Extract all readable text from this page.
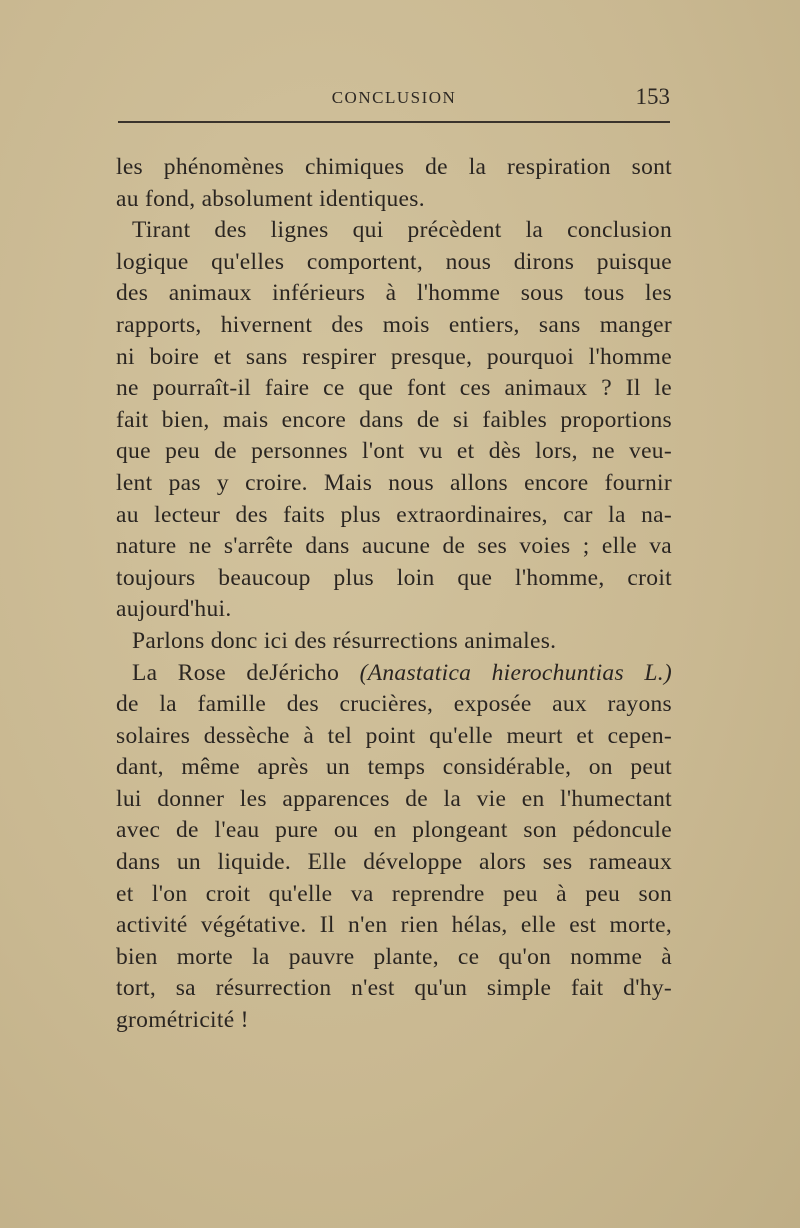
CONCLUSION	153
les phénomènes chimiques de la respiration sont
au fond, absolument identiques.
Tirant des lignes qui précèdent la conclusion
logique qu'elles comportent, nous dirons puisque
des animaux inférieurs à l'homme sous tous les
rapports, hivernent des mois entiers, sans manger
ni boire et sans respirer presque, pourquoi l'homme
ne pourraît-il faire ce que font ces animaux ? Il le
fait bien, mais encore dans de si faibles proportions
que peu de personnes l'ont vu et dès lors, ne veu-
lent pas y croire. Mais nous allons encore fournir
au lecteur des faits plus extraordinaires, car la na-
nature ne s'arrête dans aucune de ses voies ; elle va
toujours beaucoup plus loin que l'homme, croit
aujourd'hui.
Parlons donc ici des résurrections animales.
La Rose deJéricho (Anastatica hierochuntias L.)
de la famille des crucières, exposée aux rayons
solaires dessèche à tel point qu'elle meurt et cepen-
dant, même après un temps considérable, on peut
lui donner les apparences de la vie en l'humectant
avec de l'eau pure ou en plongeant son pédoncule
dans un liquide. Elle développe alors ses rameaux
et l'on croit qu'elle va reprendre peu à peu son
activité végétative. Il n'en rien hélas, elle est morte,
bien morte la pauvre plante, ce qu'on nomme à
tort, sa résurrection n'est qu'un simple fait d'hy-
grométricité !
